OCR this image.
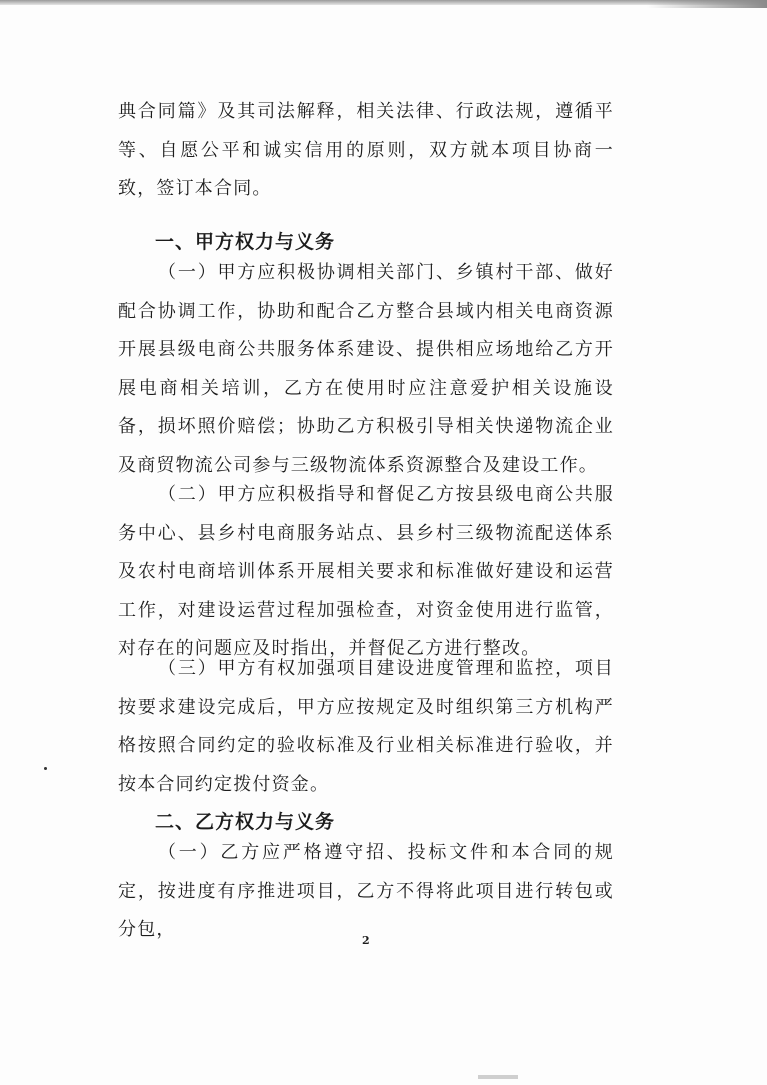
典合同篇》及其司法解释，相关法律、行政法规，遵循平等、自愿公平和诚实信用的原则，双方就本项目协商一致，签订本合同。

一、甲方权力与义务

（一）甲方应积极协调相关部门、乡镇村干部、做好配合协调工作，协助和配合乙方整合县域内相关电商资源开展县级电商公共服务体系建设、提供相应场地给乙方开展电商相关培训，乙方在使用时应注意爱护相关设施设备，损坏照价赔偿；协助乙方积极引导相关快递物流企业及商贸物流公司参与三级物流体系资源整合及建设工作。

（二）甲方应积极指导和督促乙方按县级电商公共服务中心、县乡村电商服务站点、县乡村三级物流配送体系及农村电商培训体系开展相关要求和标准做好建设和运营工作，对建设运营过程加强检查，对资金使用进行监管，对存在的问题应及时指出，并督促乙方进行整改。

（三）甲方有权加强项目建设进度管理和监控，项目按要求建设完成后，甲方应按规定及时组织第三方机构严格按照合同约定的验收标准及行业相关标准进行验收，并按本合同约定拨付资金。

二、乙方权力与义务

（一）乙方应严格遵守招、投标文件和本合同的规定，按进度有序推进项目，乙方不得将此项目进行转包或分包，

2
